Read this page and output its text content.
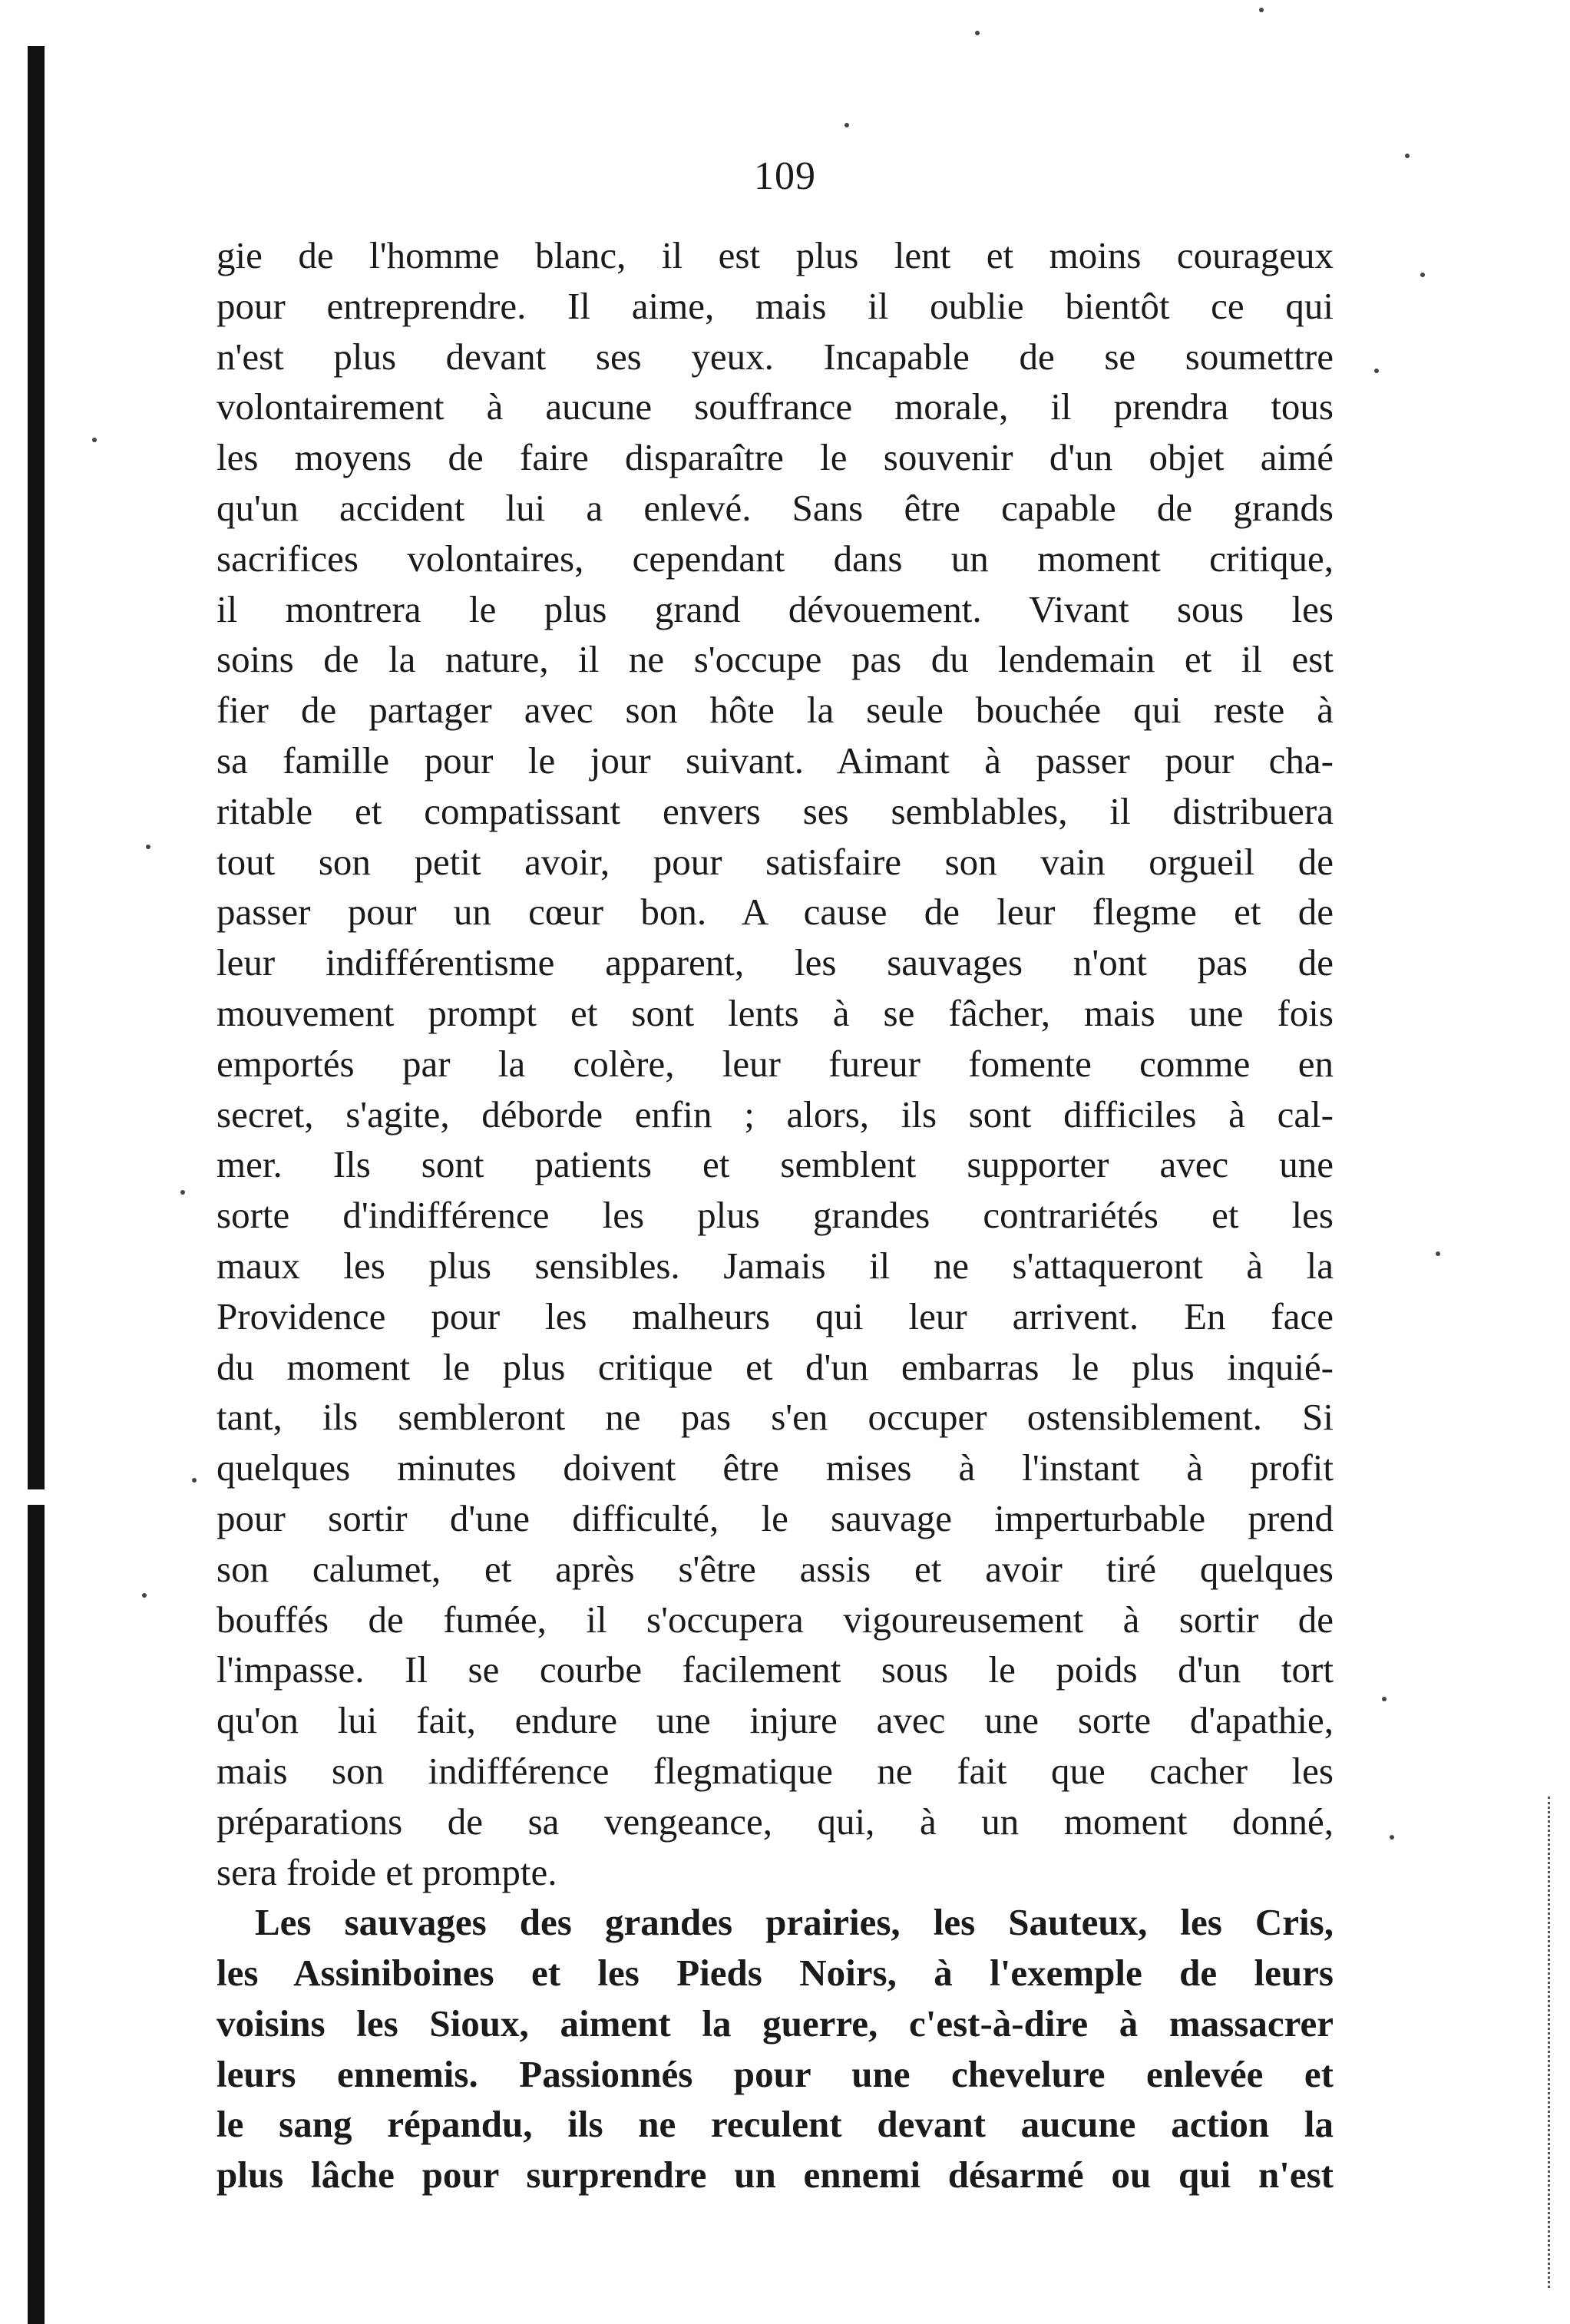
109
gie de l'homme blanc, il est plus lent et moins courageux
pour entreprendre. Il aime, mais il oublie bientôt ce qui
n'est plus devant ses yeux. Incapable de se soumettre
volontairement à aucune souffrance morale, il prendra tous
les moyens de faire disparaître le souvenir d'un objet aimé
qu'un accident lui a enlevé. Sans être capable de grands
sacrifices volontaires, cependant dans un moment critique,
il montrera le plus grand dévouement. Vivant sous les
soins de la nature, il ne s'occupe pas du lendemain et il est
fier de partager avec son hôte la seule bouchée qui reste à
sa famille pour le jour suivant. Aimant à passer pour cha-
ritable et compatissant envers ses semblables, il distribuera
tout son petit avoir, pour satisfaire son vain orgueil de
passer pour un cœur bon. A cause de leur flegme et de
leur indifférentisme apparent, les sauvages n'ont pas de
mouvement prompt et sont lents à se fâcher, mais une fois
emportés par la colère, leur fureur fomente comme en
secret, s'agite, déborde enfin ; alors, ils sont difficiles à cal-
mer. Ils sont patients et semblent supporter avec une
sorte d'indifférence les plus grandes contrariétés et les
maux les plus sensibles. Jamais il ne s'attaqueront à la
Providence pour les malheurs qui leur arrivent. En face
du moment le plus critique et d'un embarras le plus inquié-
tant, ils sembleront ne pas s'en occuper ostensiblement. Si
quelques minutes doivent être mises à l'instant à profit
pour sortir d'une difficulté, le sauvage imperturbable prend
son calumet, et après s'être assis et avoir tiré quelques
bouffés de fumée, il s'occupera vigoureusement à sortir de
l'impasse. Il se courbe facilement sous le poids d'un tort
qu'on lui fait, endure une injure avec une sorte d'apathie,
mais son indifférence flegmatique ne fait que cacher les
préparations de sa vengeance, qui, à un moment donné,
sera froide et prompte.
Les sauvages des grandes prairies, les Sauteux, les Cris,
les Assiniboines et les Pieds Noirs, à l'exemple de leurs
voisins les Sioux, aiment la guerre, c'est-à-dire à massacrer
leurs ennemis. Passionnés pour une chevelure enlevée et
le sang répandu, ils ne reculent devant aucune action la
plus lâche pour surprendre un ennemi désarmé ou qui n'est
